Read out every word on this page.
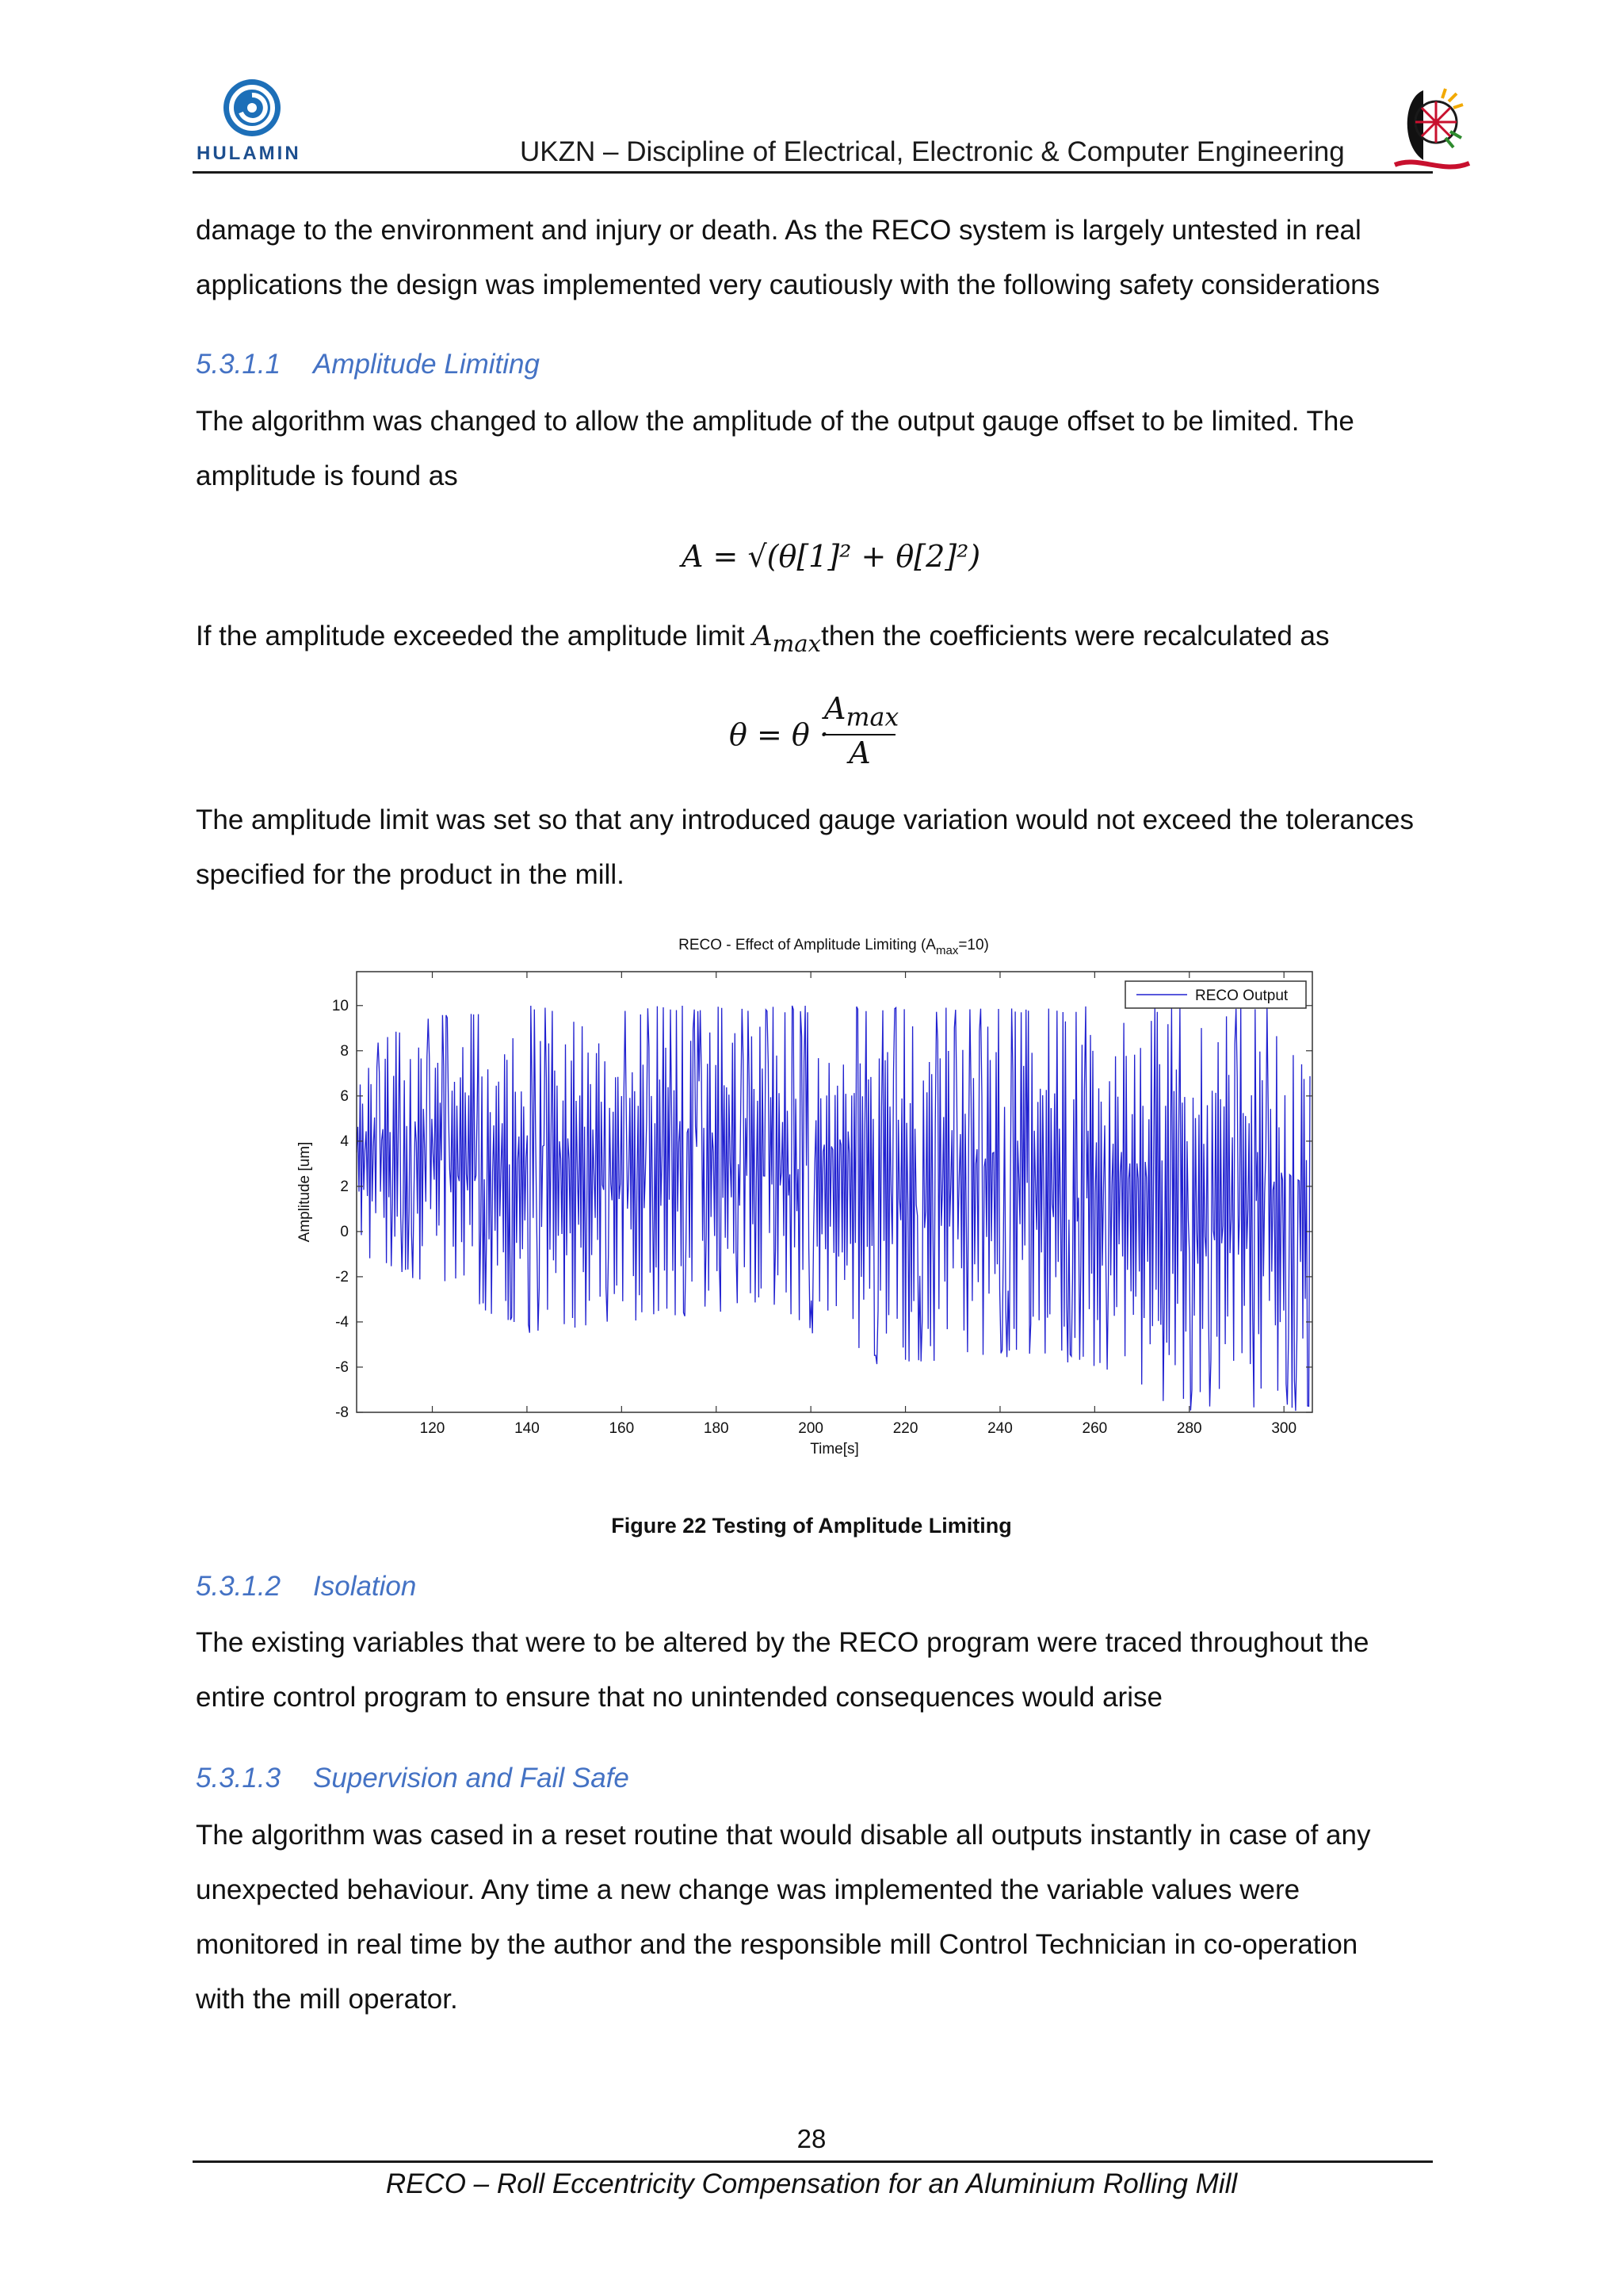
HULAMIN	UKZN – Discipline of Electrical, Electronic & Computer Engineering
damage to the environment and injury or death. As the RECO system is largely untested in real
applications the design was implemented very cautiously with the following safety considerations
5.3.1.1 Amplitude Limiting
The algorithm was changed to allow the amplitude of the output gauge offset to be limited. The
amplitude is found as
A = √(θ[1]² + θ[2]²)
If the amplitude exceeded the amplitude limit $A_{max}then$ the coefficients were recalculated as
θ = θ ·
$A_{max}$
A
The amplitude limit was set so that any introduced gauge variation would not exceed the tolerances
specified for the product in the mill.
RECO - Effect of Amplitude Limiting $(A_{max}=10)$
120	140	160	180	200	220	240	260	280	300
10
8
6
4
2
0
-2
-4
-6
-8
Time[s]
Amplitude [um]
RECO Output
Figure 22 Testing of Amplitude Limiting
5.3.1.2 Isolation
The existing variables that were to be altered by the RECO program were traced throughout the
entire control program to ensure that no unintended consequences would arise
5.3.1.3 Supervision and Fail Safe
The algorithm was cased in a reset routine that would disable all outputs instantly in case of any
unexpected behaviour. Any time a new change was implemented the variable values were
monitored in real time by the author and the responsible mill Control Technician in co-operation
with the mill operator.
28
RECO – Roll Eccentricity Compensation for an Aluminium Rolling Mill
